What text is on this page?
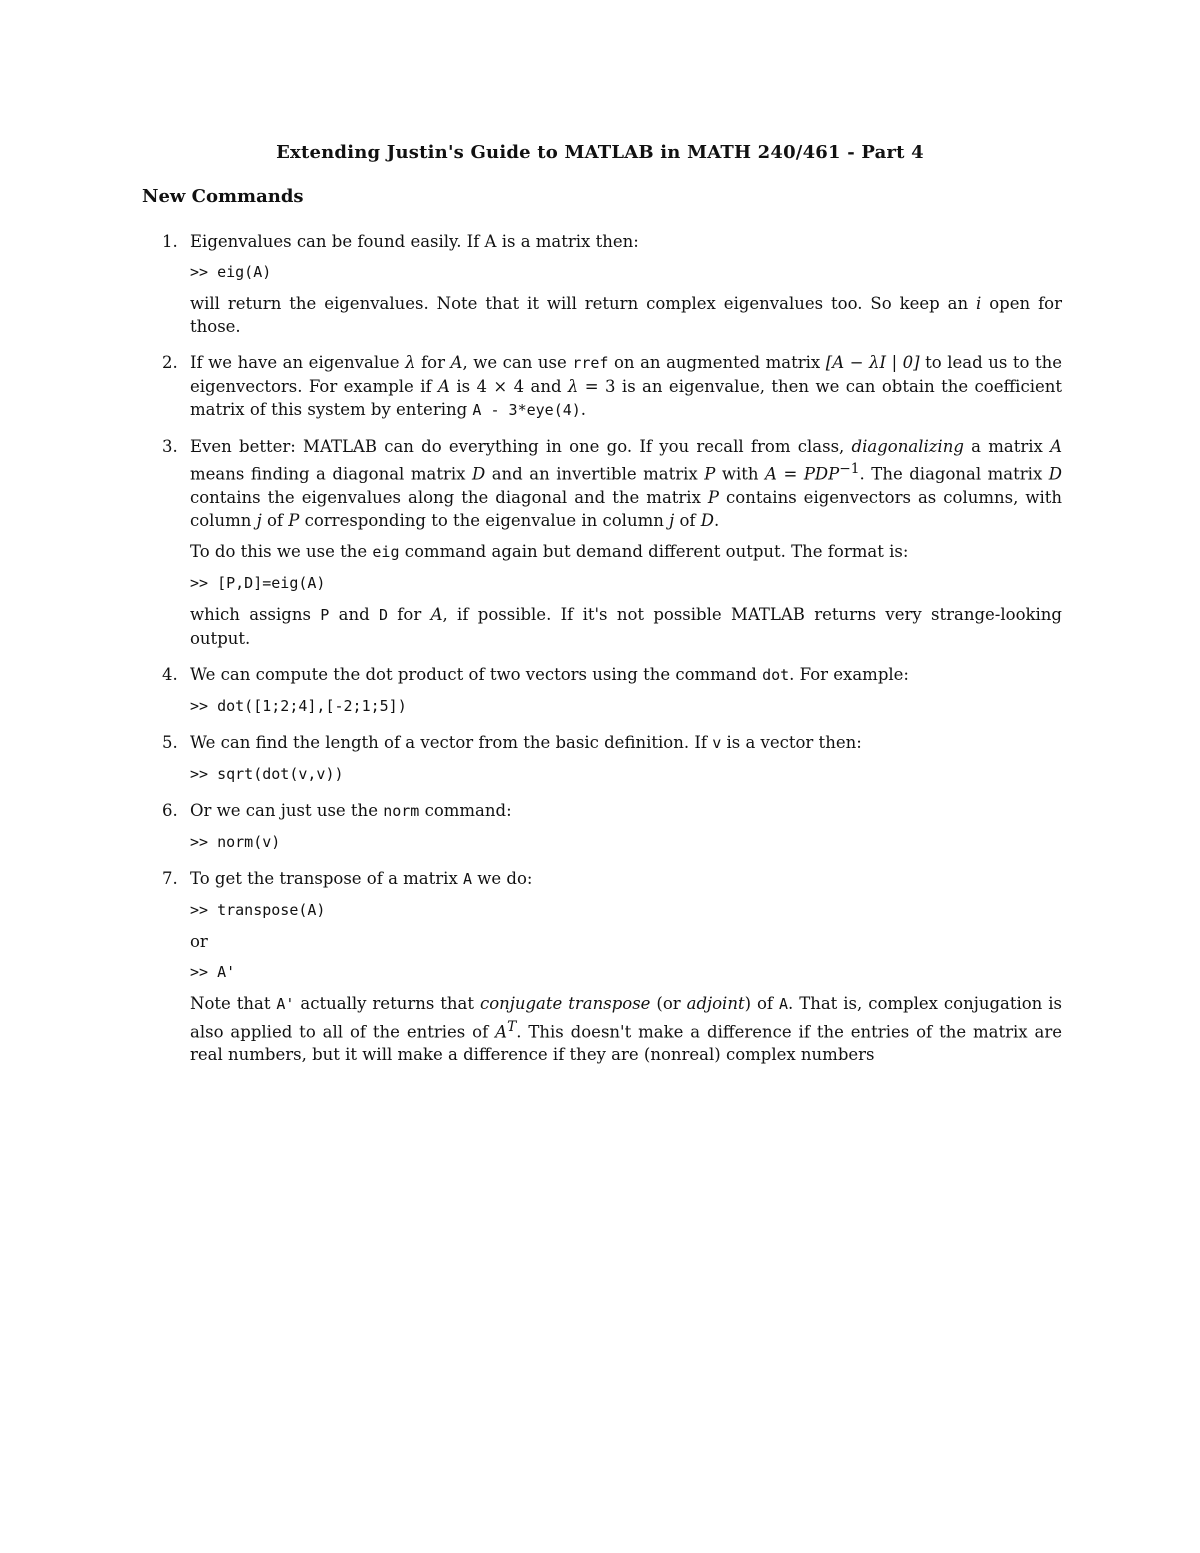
Extending Justin's Guide to MATLAB in MATH 240/461 - Part 4
New Commands
1. Eigenvalues can be found easily. If A is a matrix then:

>> eig(A)

will return the eigenvalues. Note that it will return complex eigenvalues too. So keep an i open for those.

2. If we have an eigenvalue λ for A, we can use rref on an augmented matrix [A − λI | 0] to lead us to the eigenvectors. For example if A is 4 × 4 and λ = 3 is an eigenvalue, then we can obtain the coefficient matrix of this system by entering A - 3*eye(4).

3. Even better: MATLAB can do everything in one go. If you recall from class, diagonalizing a matrix A means finding a diagonal matrix D and an invertible matrix P with $A = PDP^{-1}$. The diagonal matrix D contains the eigenvalues along the diagonal and the matrix P contains eigenvectors as columns, with column j of P corresponding to the eigenvalue in column j of D.

To do this we use the eig command again but demand different output. The format is:

>> [P,D]=eig(A)

which assigns P and D for A, if possible. If it's not possible MATLAB returns very strange-looking output.

4. We can compute the dot product of two vectors using the command dot. For example:

>> dot([1;2;4],[-2;1;5])
5. We can find the length of a vector from the basic definition. If v is a vector then:

>> sqrt(dot(v,v))
6. Or we can just use the norm command:

>> norm(v)
7. To get the transpose of a matrix A we do:

>> transpose(A)

or

>> A'

Note that A' actually returns that conjugate transpose (or adjoint) of A. That is, complex conjugation is also applied to all of the entries of $A^T$. This doesn't make a difference if the entries of the matrix are real numbers, but it will make a difference if they are (nonreal) complex numbers
